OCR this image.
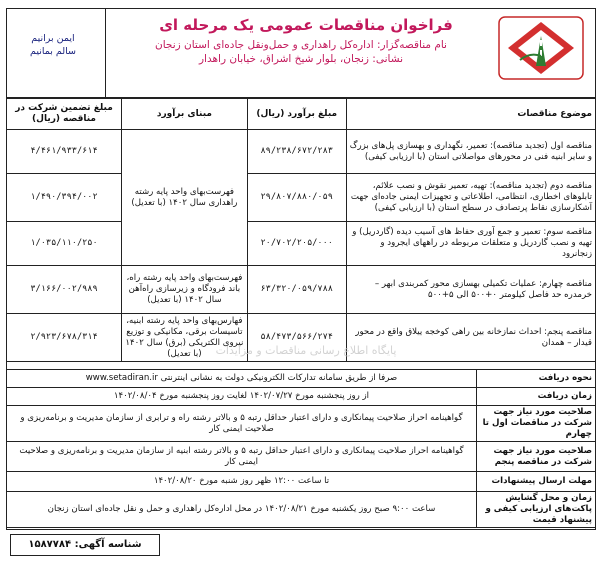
ایمن برانیم
سالم بمانیم
فراخوان مناقصات عمومی یک مرحله ای
نام مناقصه‌گزار: اداره‌کل راهداری و حمل‌ونقل جاده‌ای استان زنجان
نشانی: زنجان، بلوار شیخ اشراق، خیابان راهدار
موضوع مناقصات	مبلغ برآورد (ریال)	مبنای برآورد	مبلغ تضمین شرکت در مناقصه (ریال)
مناقصه اول (تجدید مناقصه): تعمیر، نگهداری و بهسازی پل‌های بزرگ و سایر ابنیه فنی در محورهای مواصلاتی استان (با ارزیابی کیفی)	۸۹/۲۳۸/۶۷۲/۲۸۳	فهرست‌بهای واحد پایه رشته راهداری سال ۱۴۰۲ (با تعدیل)	۴/۴۶۱/۹۳۳/۶۱۴
مناقصه دوم (تجدید مناقصه): تهیه، تعمیر نقوش و نصب علائم، تابلوهای اخطاری، انتظامی، اطلاعاتی و تجهیزات ایمنی جاده‌ای جهت آشکارسازی نقاط پرتصادف در سطح استان (با ارزیابی کیفی)	۲۹/۸۰۷/۸۸۰/۰۵۹		۱/۴۹۰/۳۹۴/۰۰۲
مناقصه سوم: تعمیر و جمع آوری حفاظ های آسیب دیده (گاردریل) و تهیه و نصب گاردریل و متعلقات مربوطه در راههای ایجرود و زنجانرود	۲۰/۷۰۲/۲۰۵/۰۰۰		۱/۰۳۵/۱۱۰/۲۵۰
مناقصه چهارم: عملیات تکمیلی بهسازی محور کمربندی ابهر – خرمدره حد فاصل کیلومتر ۰+۵۰۰ الی ۵+۵۰۰	۶۳/۳۲۰/۰۵۹/۷۸۸	فهرست‌بهای واحد پایه رشته راه، باند فرودگاه و زیرسازی راه‌آهن سال ۱۴۰۲ (با تعدیل)	۳/۱۶۶/۰۰۲/۹۸۹
مناقصه پنجم: احداث نمازخانه بین راهی کوخجه ییلاق واقع در محور قیدار – همدان	۵۸/۴۷۳/۵۶۶/۲۷۴	فهارس‌بهای واحد پایه رشته ابنیه، تاسیسات برقی، مکانیکی و توزیع نیروی الکتریکی (برق) سال ۱۴۰۲ (با تعدیل)	۲/۹۲۳/۶۷۸/۳۱۴
نحوه دریافت	صرفا از طریق سامانه تدارکات الکترونیکی دولت به نشانی اینترنتی www.setadiran.ir
زمان دریافت	از روز پنجشنبه مورخ ۱۴۰۲/۰۷/۲۷ لغایت روز پنجشنبه مورخ ۱۴۰۲/۰۸/۰۴
صلاحیت مورد نیاز جهت شرکت در مناقصات اول تا چهارم	گواهینامه احراز صلاحیت پیمانکاری و دارای اعتبار حداقل رتبه ۵ و بالاتر رشته راه و ترابری از سازمان مدیریت و برنامه‌ریزی و صلاحیت ایمنی کار
صلاحیت مورد نیاز جهت شرکت در مناقصه پنجم	گواهینامه احراز صلاحیت پیمانکاری و دارای اعتبار حداقل رتبه ۵ و بالاتر رشته ابنیه از سازمان مدیریت و برنامه‌ریزی و صلاحیت ایمنی کار
مهلت ارسال پیشنهادات	تا ساعت ۱۲:۰۰ ظهر روز شنبه مورخ ۱۴۰۲/۰۸/۲۰
زمان و محل گشایش پاکت‌های ارزیابی کیفی و پیشنهاد قیمت	ساعت ۹:۰۰ صبح روز یکشنبه مورخ ۱۴۰۲/۰۸/۲۱ در محل اداره‌کل راهداری و حمل و نقل جاده‌ای استان زنجان
پایگاه اطلاع رسانی مناقصات و مزایدات
شناسه آگهی: ۱۵۸۷۷۸۴
